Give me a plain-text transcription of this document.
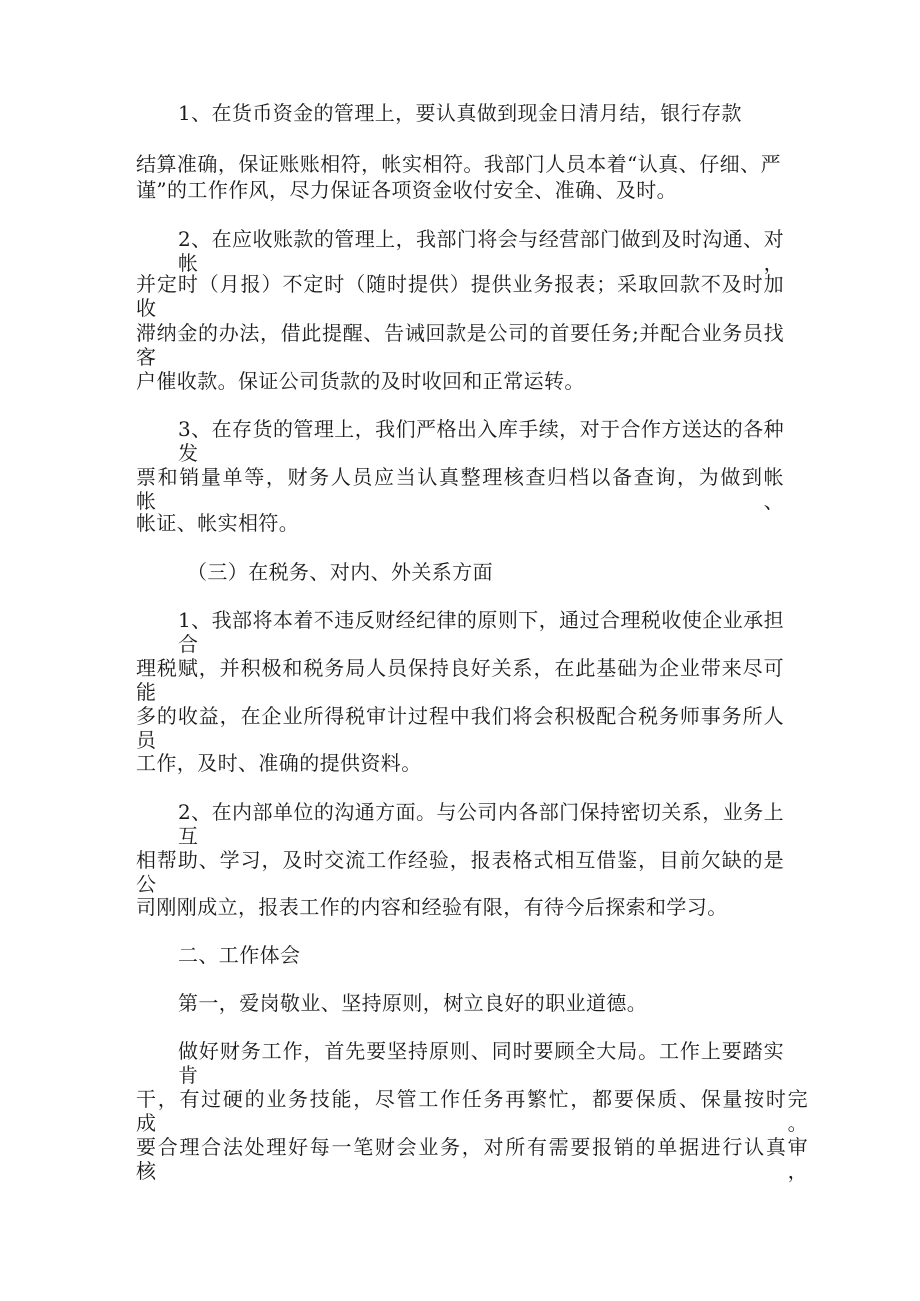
1、在货币资金的管理上，要认真做到现金日清月结，银行存款
结算准确，保证账账相符，帐实相符。我部门人员本着“认真、仔细、严
谨”的工作作风，尽力保证各项资金收付安全、准确、及时。
2、在应收账款的管理上，我部门将会与经营部门做到及时沟通、对帐，
并定时（月报）不定时（随时提供）提供业务报表；采取回款不及时加收
滞纳金的办法，借此提醒、告诫回款是公司的首要任务;并配合业务员找客
户催收款。保证公司货款的及时收回和正常运转。
3、在存货的管理上，我们严格出入库手续，对于合作方送达的各种发
票和销量单等，财务人员应当认真整理核查归档以备查询，为做到帐帐、
帐证、帐实相符。
（三）在税务、对内、外关系方面
1、我部将本着不违反财经纪律的原则下，通过合理税收使企业承担合
理税赋，并积极和税务局人员保持良好关系，在此基础为企业带来尽可能
多的收益，在企业所得税审计过程中我们将会积极配合税务师事务所人员
工作，及时、准确的提供资料。
2、在内部单位的沟通方面。与公司内各部门保持密切关系，业务上互
相帮助、学习，及时交流工作经验，报表格式相互借鉴，目前欠缺的是公
司刚刚成立，报表工作的内容和经验有限，有待今后探索和学习。
二、工作体会
第一，爱岗敬业、坚持原则，树立良好的职业道德。
做好财务工作，首先要坚持原则、同时要顾全大局。工作上要踏实肯
干，有过硬的业务技能，尽管工作任务再繁忙，都要保质、保量按时完成。
要合理合法处理好每一笔财会业务，对所有需要报销的单据进行认真审核，
